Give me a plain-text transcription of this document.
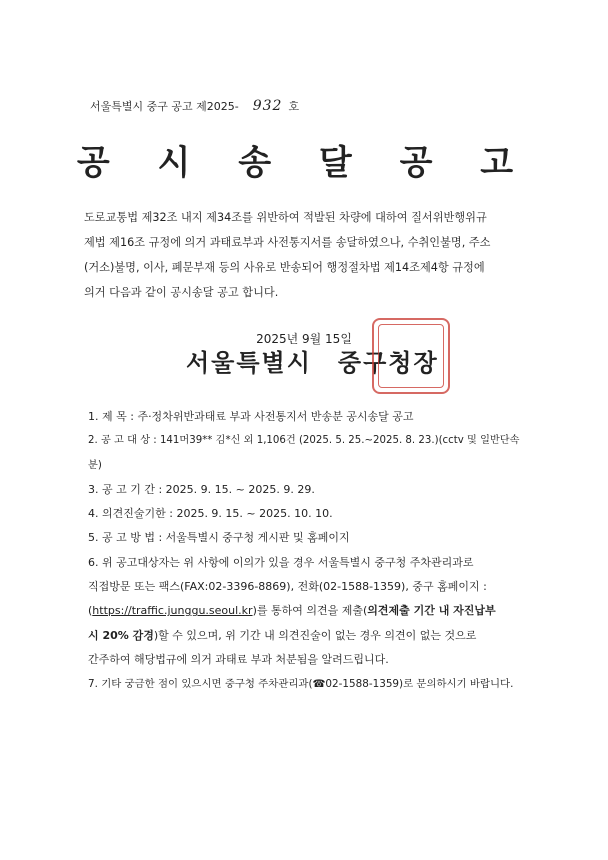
서울특별시 중구 공고 제2025- 932 호
공 시 송 달 공 고

도로교통법 제32조 내지 제34조를 위반하여 적발된 차량에 대하여 질서위반행위규

제법 제16조 규정에 의거 과태료부과 사전통지서를 송달하였으나, 수취인불명, 주소

(거소)불명, 이사, 폐문부재 등의 사유로 반송되어 행정절차법 제14조제4항 규정에

의거 다음과 같이 공시송달 공고 합니다.

2025년 9월 15일
서울특별시 중구청장

1. 제 목 : 주·정차위반과태료 부과 사전통지서 반송분 공시송달 공고

2. 공 고 대 상 : 141머39** 김*신 외 1,106건 (2025. 5. 25.~2025. 8. 23.)(cctv 및 일반단속분)

3. 공 고 기 간 : 2025. 9. 15. ~ 2025. 9. 29.

4. 의견진술기한 : 2025. 9. 15. ~ 2025. 10. 10.

5. 공 고 방 법 : 서울특별시 중구청 게시판 및 홈페이지

6. 위 공고대상자는 위 사항에 이의가 있을 경우 서울특별시 중구청 주차관리과로

직접방문 또는 팩스(FAX:02-3396-8869), 전화(02-1588-1359), 중구 홈페이지 :

(https://traffic.junggu.seoul.kr)를 통하여 의견을 제출(의견제출 기간 내 자진납부

시 20% 감경)할 수 있으며, 위 기간 내 의견진술이 없는 경우 의견이 없는 것으로

간주하여 해당법규에 의거 과태료 부과 처분됨을 알려드립니다.

7. 기타 궁금한 점이 있으시면 중구청 주차관리과(☎02-1588-1359)로 문의하시기 바랍니다.
